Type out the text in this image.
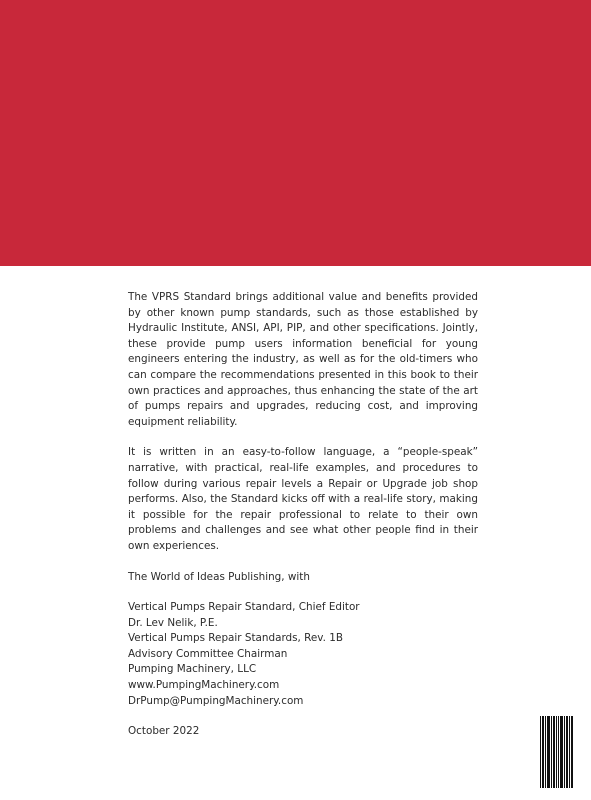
The VPRS Standard brings additional value and benefits provided by other known pump standards, such as those established by Hydraulic Institute, ANSI, API, PIP, and other specifications. Jointly, these provide pump users information beneficial for young engineers entering the industry, as well as for the old-timers who can compare the recommendations presented in this book to their own practices and approaches, thus enhancing the state of the art of pumps repairs and upgrades, reducing cost, and improving equipment reliability.

It is written in an easy-to-follow language, a “people-speak” narrative, with practical, real-life examples, and procedures to follow during various repair levels a Repair or Upgrade job shop performs. Also, the Standard kicks off with a real-life story, making it possible for the repair professional to relate to their own problems and challenges and see what other people find in their own experiences.

The World of Ideas Publishing, with

Vertical Pumps Repair Standard, Chief Editor
Dr. Lev Nelik, P.E.
Vertical Pumps Repair Standards, Rev. 1B
Advisory Committee Chairman
Pumping Machinery, LLC
www.PumpingMachinery.com
DrPump@PumpingMachinery.com

October 2022
